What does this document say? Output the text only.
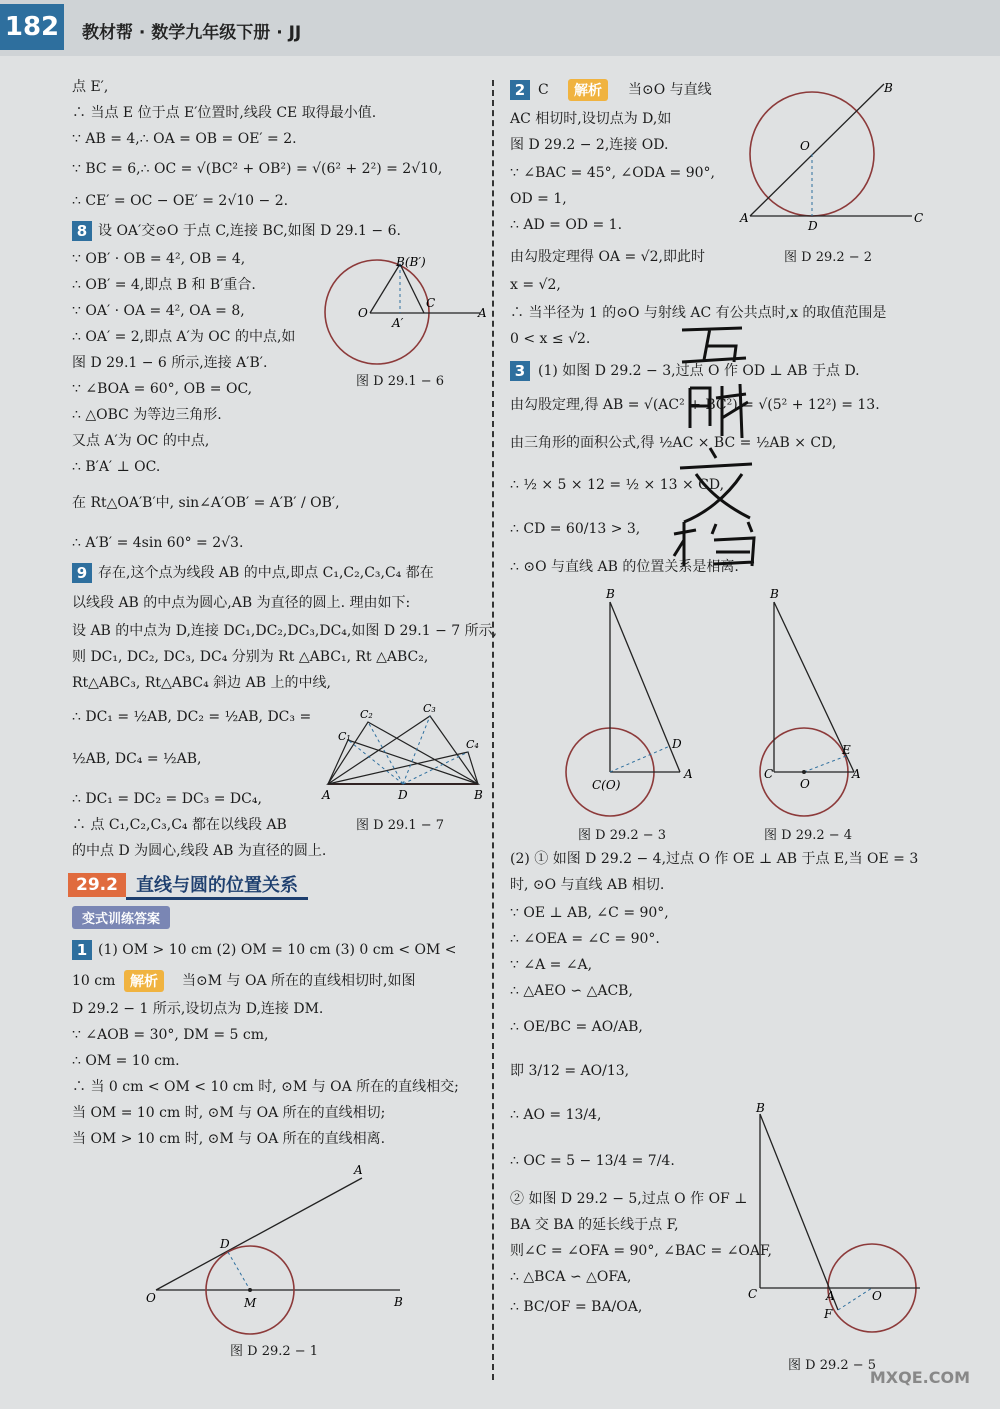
182 教材帮 · 数学九年级下册 · JJ
点 E′,
∴ 当点 E 位于点 E′位置时,线段 CE 取得最小值.
∵ AB = 4,∴ OA = OB = OE′ = 2.
∵ BC = 6,∴ OC = √(BC² + OB²) = √(6² + 2²) = 2√10,
∴ CE′ = OC − OE′ = 2√10 − 2.
8 设 OA′交⊙O 于点 C,连接 BC,如图 D 29.1 − 6.
∵ OB′ · OB = 4², OB = 4,
∴ OB′ = 4,即点 B 和 B′重合.
∵ OA′ · OA = 4², OA = 8,
∴ OA′ = 2,即点 A′为 OC 的中点,如
图 D 29.1 − 6 所示,连接 A′B′.
∵ ∠BOA = 60°, OB = OC,
∴ △OBC 为等边三角形.
又点 A′为 OC 的中点,
∴ B′A′ ⊥ OC.
在 Rt△OA′B′中, sin∠A′OB′ = A′B′ / OB′,
∴ A′B′ = 4sin 60° = 2√3.
O
B(B′)
C
A′
A
图 D 29.1 − 6
9 存在,这个点为线段 AB 的中点,即点 C₁,C₂,C₃,C₄ 都在
以线段 AB 的中点为圆心,AB 为直径的圆上. 理由如下:
设 AB 的中点为 D,连接 DC₁,DC₂,DC₃,DC₄,如图 D 29.1 − 7 所示,
则 DC₁, DC₂, DC₃, DC₄ 分别为 Rt △ABC₁, Rt △ABC₂,
Rt△ABC₃, Rt△ABC₄ 斜边 AB 上的中线,
∴ DC₁ = ½AB, DC₂ = ½AB, DC₃ =
½AB, DC₄ = ½AB,
∴ DC₁ = DC₂ = DC₃ = DC₄,
∴ 点 C₁,C₂,C₃,C₄ 都在以线段 AB
的中点 D 为圆心,线段 AB 为直径的圆上.
C₁
C₂	C₃
C₄
A	D	B
图 D 29.1 − 7
29.2	直线与圆的位置关系
变式训练答案
1 (1) OM > 10 cm (2) OM = 10 cm (3) 0 cm < OM <
10 cm	解析	当⊙M 与 OA 所在的直线相切时,如图
D 29.2 − 1 所示,设切点为 D,连接 DM.
∵ ∠AOB = 30°, DM = 5 cm,
∴ OM = 10 cm.
∴ 当 0 cm < OM < 10 cm 时, ⊙M 与 OA 所在的直线相交;
当 OM = 10 cm 时, ⊙M 与 OA 所在的直线相切;
当 OM > 10 cm 时, ⊙M 与 OA 所在的直线相离.
O
D
M	B
A
图 D 29.2 − 1
2 C	解析	当⊙O 与直线
AC 相切时,设切点为 D,如
图 D 29.2 − 2,连接 OD.
∵ ∠BAC = 45°, ∠ODA = 90°,
OD = 1,
∴ AD = OD = 1.
由勾股定理得 OA = √2,即此时
x = √2,
∴ 当半径为 1 的⊙O 与射线 AC 有公共点时,x 的取值范围是
0 < x ≤ √2.
O
A
D
C
B
图 D 29.2 − 2
3 (1) 如图 D 29.2 − 3,过点 O 作 OD ⊥ AB 于点 D.
由勾股定理,得 AB = √(AC² + BC²) = √(5² + 12²) = 13.
由三角形的面积公式,得 ½AC × BC = ½AB × CD,
∴ ½ × 5 × 12 = ½ × 13 × CD,
∴ CD = 60/13 > 3,
∴ ⊙O 与直线 AB 的位置关系是相离.
B
D
A
C(O)
图 D 29.2 − 3
B
E
A
C
O
图 D 29.2 − 4
(2) ① 如图 D 29.2 − 4,过点 O 作 OE ⊥ AB 于点 E,当 OE = 3
时, ⊙O 与直线 AB 相切.
∵ OE ⊥ AB, ∠C = 90°,
∴ ∠OEA = ∠C = 90°.
∵ ∠A = ∠A,
∴ △AEO ∽ △ACB,
∴ OE/BC = AO/AB,
即 3/12 = AO/13,
∴ AO = 13/4,
∴ OC = 5 − 13/4 = 7/4.
② 如图 D 29.2 − 5,过点 O 作 OF ⊥
BA 交 BA 的延长线于点 F,
则∠C = ∠OFA = 90°, ∠BAC = ∠OAF,
∴ △BCA ∽ △OFA,
∴ BC/OF = BA/OA,
B
C	A
F
O
图 D 29.2 − 5
MXQE.COM
